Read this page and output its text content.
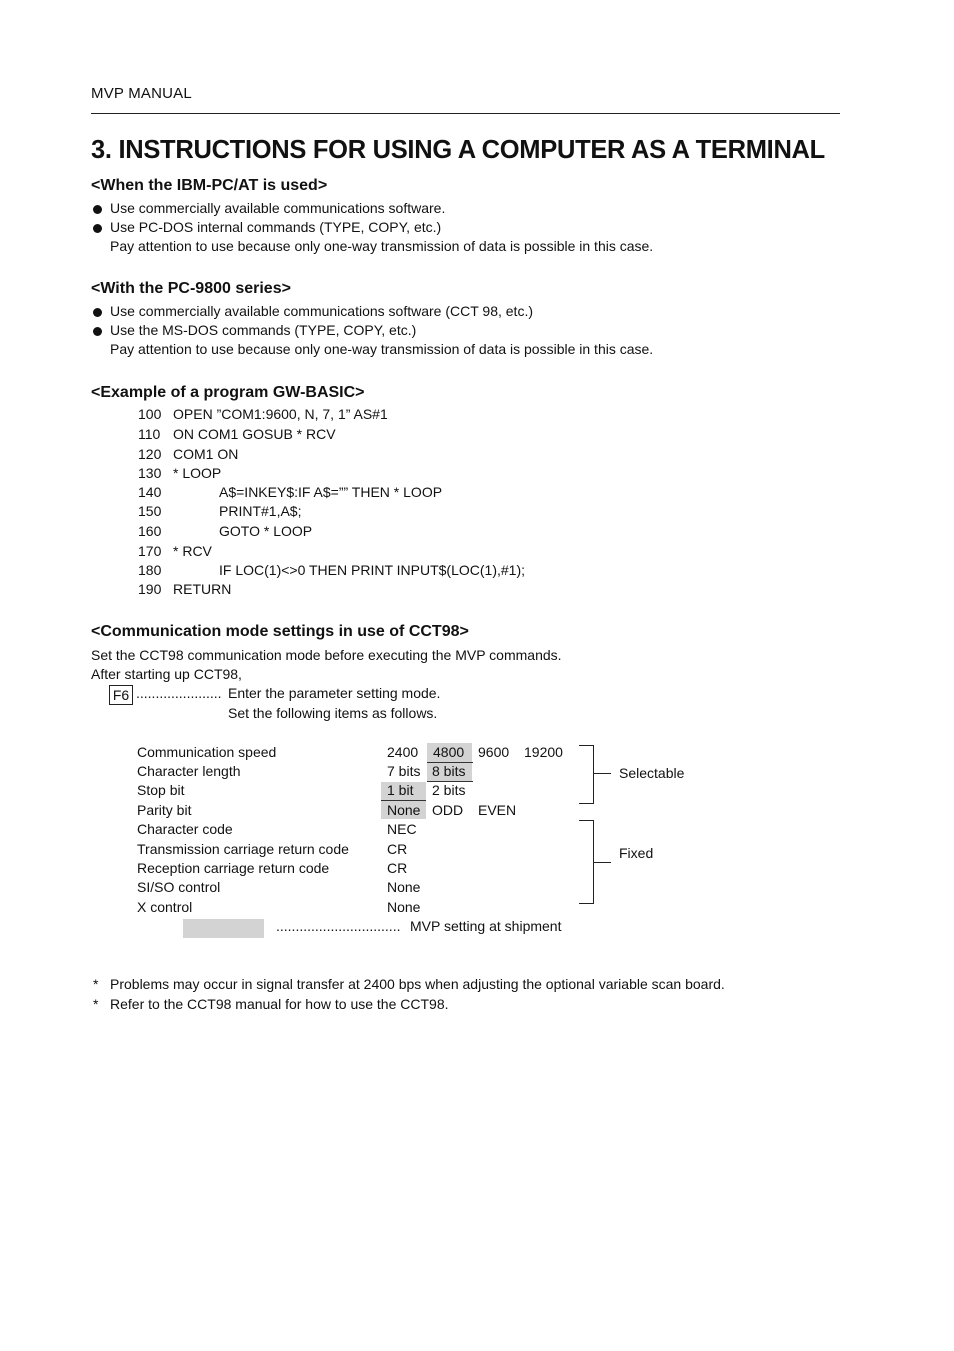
MVP MANUAL
3. INSTRUCTIONS FOR USING A COMPUTER AS A TERMINAL
<When the IBM-PC/AT is used>
Use commercially available communications software.
Use PC-DOS internal commands (TYPE, COPY, etc.)
Pay attention to use because only one-way transmission of data is possible in this case.
<With the PC-9800 series>
Use commercially available communications software (CCT 98, etc.)
Use the MS-DOS commands (TYPE, COPY, etc.)
Pay attention to use because only one-way transmission of data is possible in this case.
<Example of a program GW-BASIC>
100 OPEN ”COM1:9600, N, 7, 1” AS#1
110 ON COM1 GOSUB * RCV
120 COM1 ON
130 * LOOP
140	A$=INKEY$:IF A$=”” THEN * LOOP
150	PRINT#1,A$;
160	GOTO * LOOP
170 * RCV
180	IF LOC(1)<>0 THEN PRINT INPUT$(LOC(1),#1);
190 RETURN
<Communication mode settings in use of CCT98>
Set the CCT98 communication mode before executing the MVP commands.
After starting up CCT98,
F6 ...................... Enter the parameter setting mode.
Set the following items as follows.
Communication speed	2400 4800 9600 19200
Character length	7 bits 8 bits
Stop bit	1 bit 2 bits
Parity bit	None ODD EVEN
Character code	NEC
Transmission carriage return code	CR
Reception carriage return code	CR
SI/SO control	None
X control	None
Selectable
Fixed
................................ MVP setting at shipment
* Problems may occur in signal transfer at 2400 bps when adjusting the optional variable scan board.
* Refer to the CCT98 manual for how to use the CCT98.
